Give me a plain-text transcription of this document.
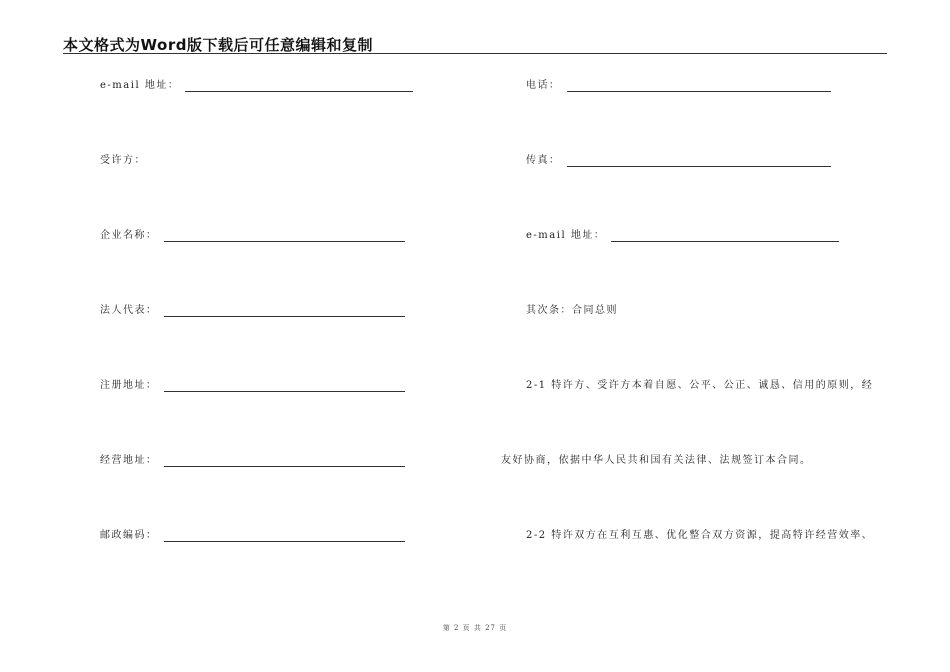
本文格式为Word版下载后可任意编辑和复制
e-mail 地址：
受许方：
企业名称：
法人代表：
注册地址：
经营地址：
邮政编码：
电话：
传真：
e-mail 地址：
其次条：合同总则
2-1 特许方、受许方本着自愿、公平、公正、诚恳、信用的原则，经
友好协商，依据中华人民共和国有关法律、法规签订本合同。
2-2 特许双方在互利互惠、优化整合双方资源，提高特许经营效率、
第 2 页 共 27 页
